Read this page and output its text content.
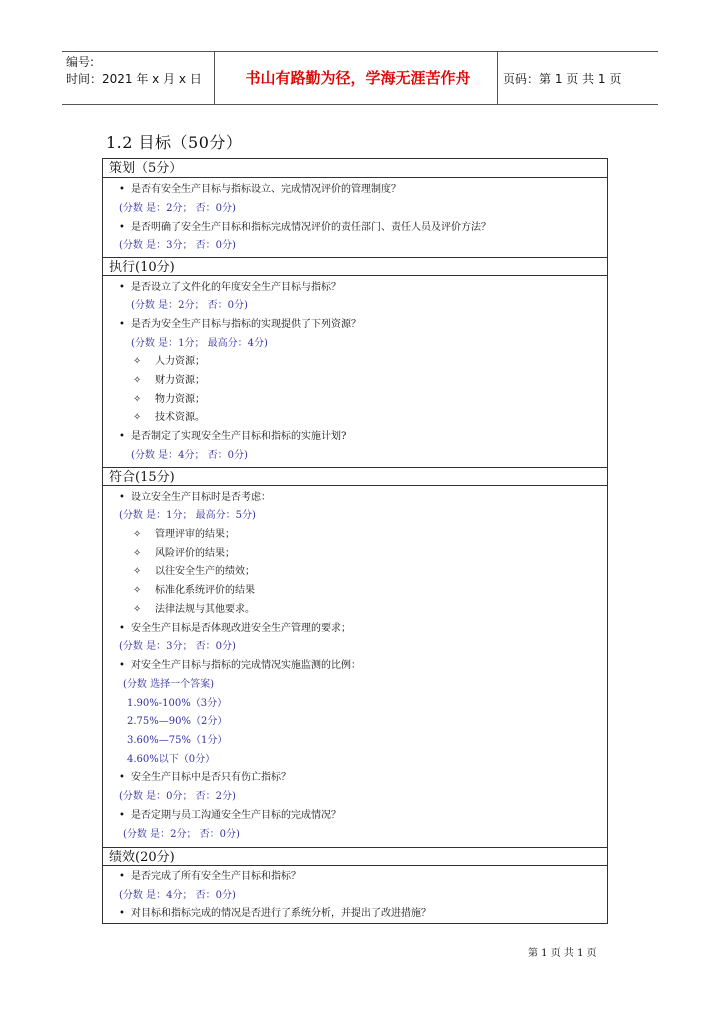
编号:
时间：2021 年 x 月 x 日	书山有路勤为径，学海无涯苦作舟	页码：第 1 页 共 1 页
1.2 目标（50分）
策划（5分）
• 是否有安全生产目标与指标设立、完成情况评价的管理制度？
(分数 是：2分； 否：0分)
• 是否明确了安全生产目标和指标完成情况评价的责任部门、责任人员及评价方法？
(分数 是：3分； 否：0分)
执行(10分)
• 是否设立了文件化的年度安全生产目标与指标？
(分数 是：2分； 否：0分)
• 是否为安全生产目标与指标的实现提供了下列资源？
(分数 是：1分； 最高分：4分)
✧ 人力资源；
✧ 财力资源；
✧ 物力资源；
✧ 技术资源。
• 是否制定了实现安全生产目标和指标的实施计划?
(分数 是：4分； 否：0分)
符合(15分)
• 设立安全生产目标时是否考虑：
(分数 是：1分； 最高分：5分)
✧ 管理评审的结果；
✧ 风险评价的结果；
✧ 以往安全生产的绩效；
✧ 标准化系统评价的结果
✧ 法律法规与其他要求。
• 安全生产目标是否体现改进安全生产管理的要求；
(分数 是：3分； 否：0分)
• 对安全生产目标与指标的完成情况实施监测的比例：
(分数 选择一个答案)
1.90%-100%（3分）
2.75%—90%（2分）
3.60%—75%（1分）
4.60%以下（0分）
• 安全生产目标中是否只有伤亡指标？
(分数 是：0分； 否：2分)
• 是否定期与员工沟通安全生产目标的完成情况？
(分数 是：2分； 否：0分)
绩效(20分)
• 是否完成了所有安全生产目标和指标？
(分数 是：4分； 否：0分)
• 对目标和指标完成的情况是否进行了系统分析，并提出了改进措施？
第 1 页 共 1 页
